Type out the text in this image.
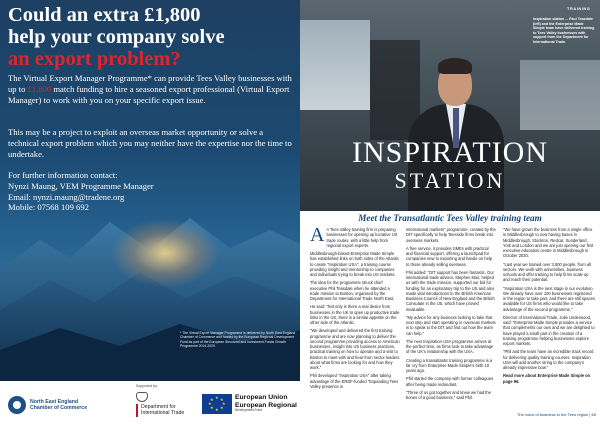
Could an extra £1,800
help your company solve
an export problem?
The Virtual Export Manager Programme* can provide Tees Valley businesses with up to £1,800 match funding to hire a seasoned export professional (Virtual Export Manager) to work with you on your specific export issue.
This may be a project to exploit an overseas market opportunity or solve a technical export problem which you may neither have the expertise nor the time to undertake.
For further information contact:
Nynzi Maung, VEM Programme Manager
Email: nynzi.maung@tradene.org
Mobile: 07568 109 692
* The Virtual Export Manager Programme is delivered by North East England Chamber of Commerce and funded by the European Regional Development Fund as part of the European Structural and Investment Funds Growth Programme 2014-2020.
Supported by:
North East England
Chamber of Commerce	Department for
International Trade
★ ★
★
★
★
★
★
★	European Union
European Regional
Development Fund
TRAINING
Inspiration station ... Paul Teasdale (left) and the Enterprise Made Simple team have delivered training to Tees Valley businesses with support from the Department for International Trade.
INSPIRATION
STATION
Meet the Transatlantic Tees Valley training team

A A Tees Valley training firm is preparing businesses for opening up lucrative US trade routes, with a little help from regional export experts.

Middlesbrough-based Enterprise Made Simple has established links on both sides of the Atlantic to create "Inspiration USA", a training course providing insight and mentorship to companies and individuals trying to break into US markets.

The idea for the programme struck chief executive Phil Teasdale when he attended a trade mission to Boston, organised by the Department for International Trade North East.

He said: "Not only is there a real desire from businesses in the UK to open up productive trade links in the US, there is a similar appetite on the other side of the Atlantic.

"We developed and delivered the first training programme and are now planning to deliver the second programme providing access to American businesses, insight into US business practices, practical training on how to operate and a visit to Boston to meet with and hear from sector leaders about what firms are looking for and how they work."

Phil developed "Inspiration USA" after taking advantage of the ERDF-funded "Expanding Tees Valley presence in

international markets" programme, created by the DIT specifically to help Teesside firms break into overseas markets.

A free service, it provides SMEs with practical and financial support, offering a launchpad for companies new to exporting and hands-on help to those already selling overseas.

Phil added: "DIT support has been fantastic. Our international trade advisor, Stephen Muir, helped us with the trade mission, supported our bid for funding for an exploratory trip to the US and also made vital introductions to the British American Business Council of New England and the British Consulate in the US, which have proved invaluable.

"My advice for any business looking to take that next step and start operating in overseas markets is to speak to the DIT and find out how the team can help."

The next Inspiration USA programme arrives at the perfect time, as firms look to take advantage of the UK's relationship with the USA.

Creating a transatlantic training programme is a far cry from Enterprise Made Simple's birth 10 years ago.

Phil started the company with former colleagues after being made redundant.

"Three of us got together and knew we had the bones of a good business," said Phil.

"We have grown the business from a single office in Middlesbrough to now having bases in Middlesbrough, Stockton, Redcar, Sunderland, York and London and we are just opening our first executive education centre in Middlesbrough in October 2020.

"Last year we trained over 3,500 people, from all sectors. We work with universities, business schools and offer training to help firms scale up and reach their potential.

"Inspiration USA is the next stage in our evolution. We already have over 100 businesses registered in the region to take part, and there are still spaces available for US firms who would like to take advantage of the second programme."

Director of International Trade, Julie Underwood, said: "Enterprise Made Simple provides a service that complements our own and we are delighted to have played a small part in the creation of a training programme helping businesses explore export markets.

"Phil and the team have an incredible track record for delivering quality training courses. Inspiration USA will add another string to the company's already impressive bow."

Read more about Enterprise Made Simple on page 96.

The voice of business in the Tees region | 65
